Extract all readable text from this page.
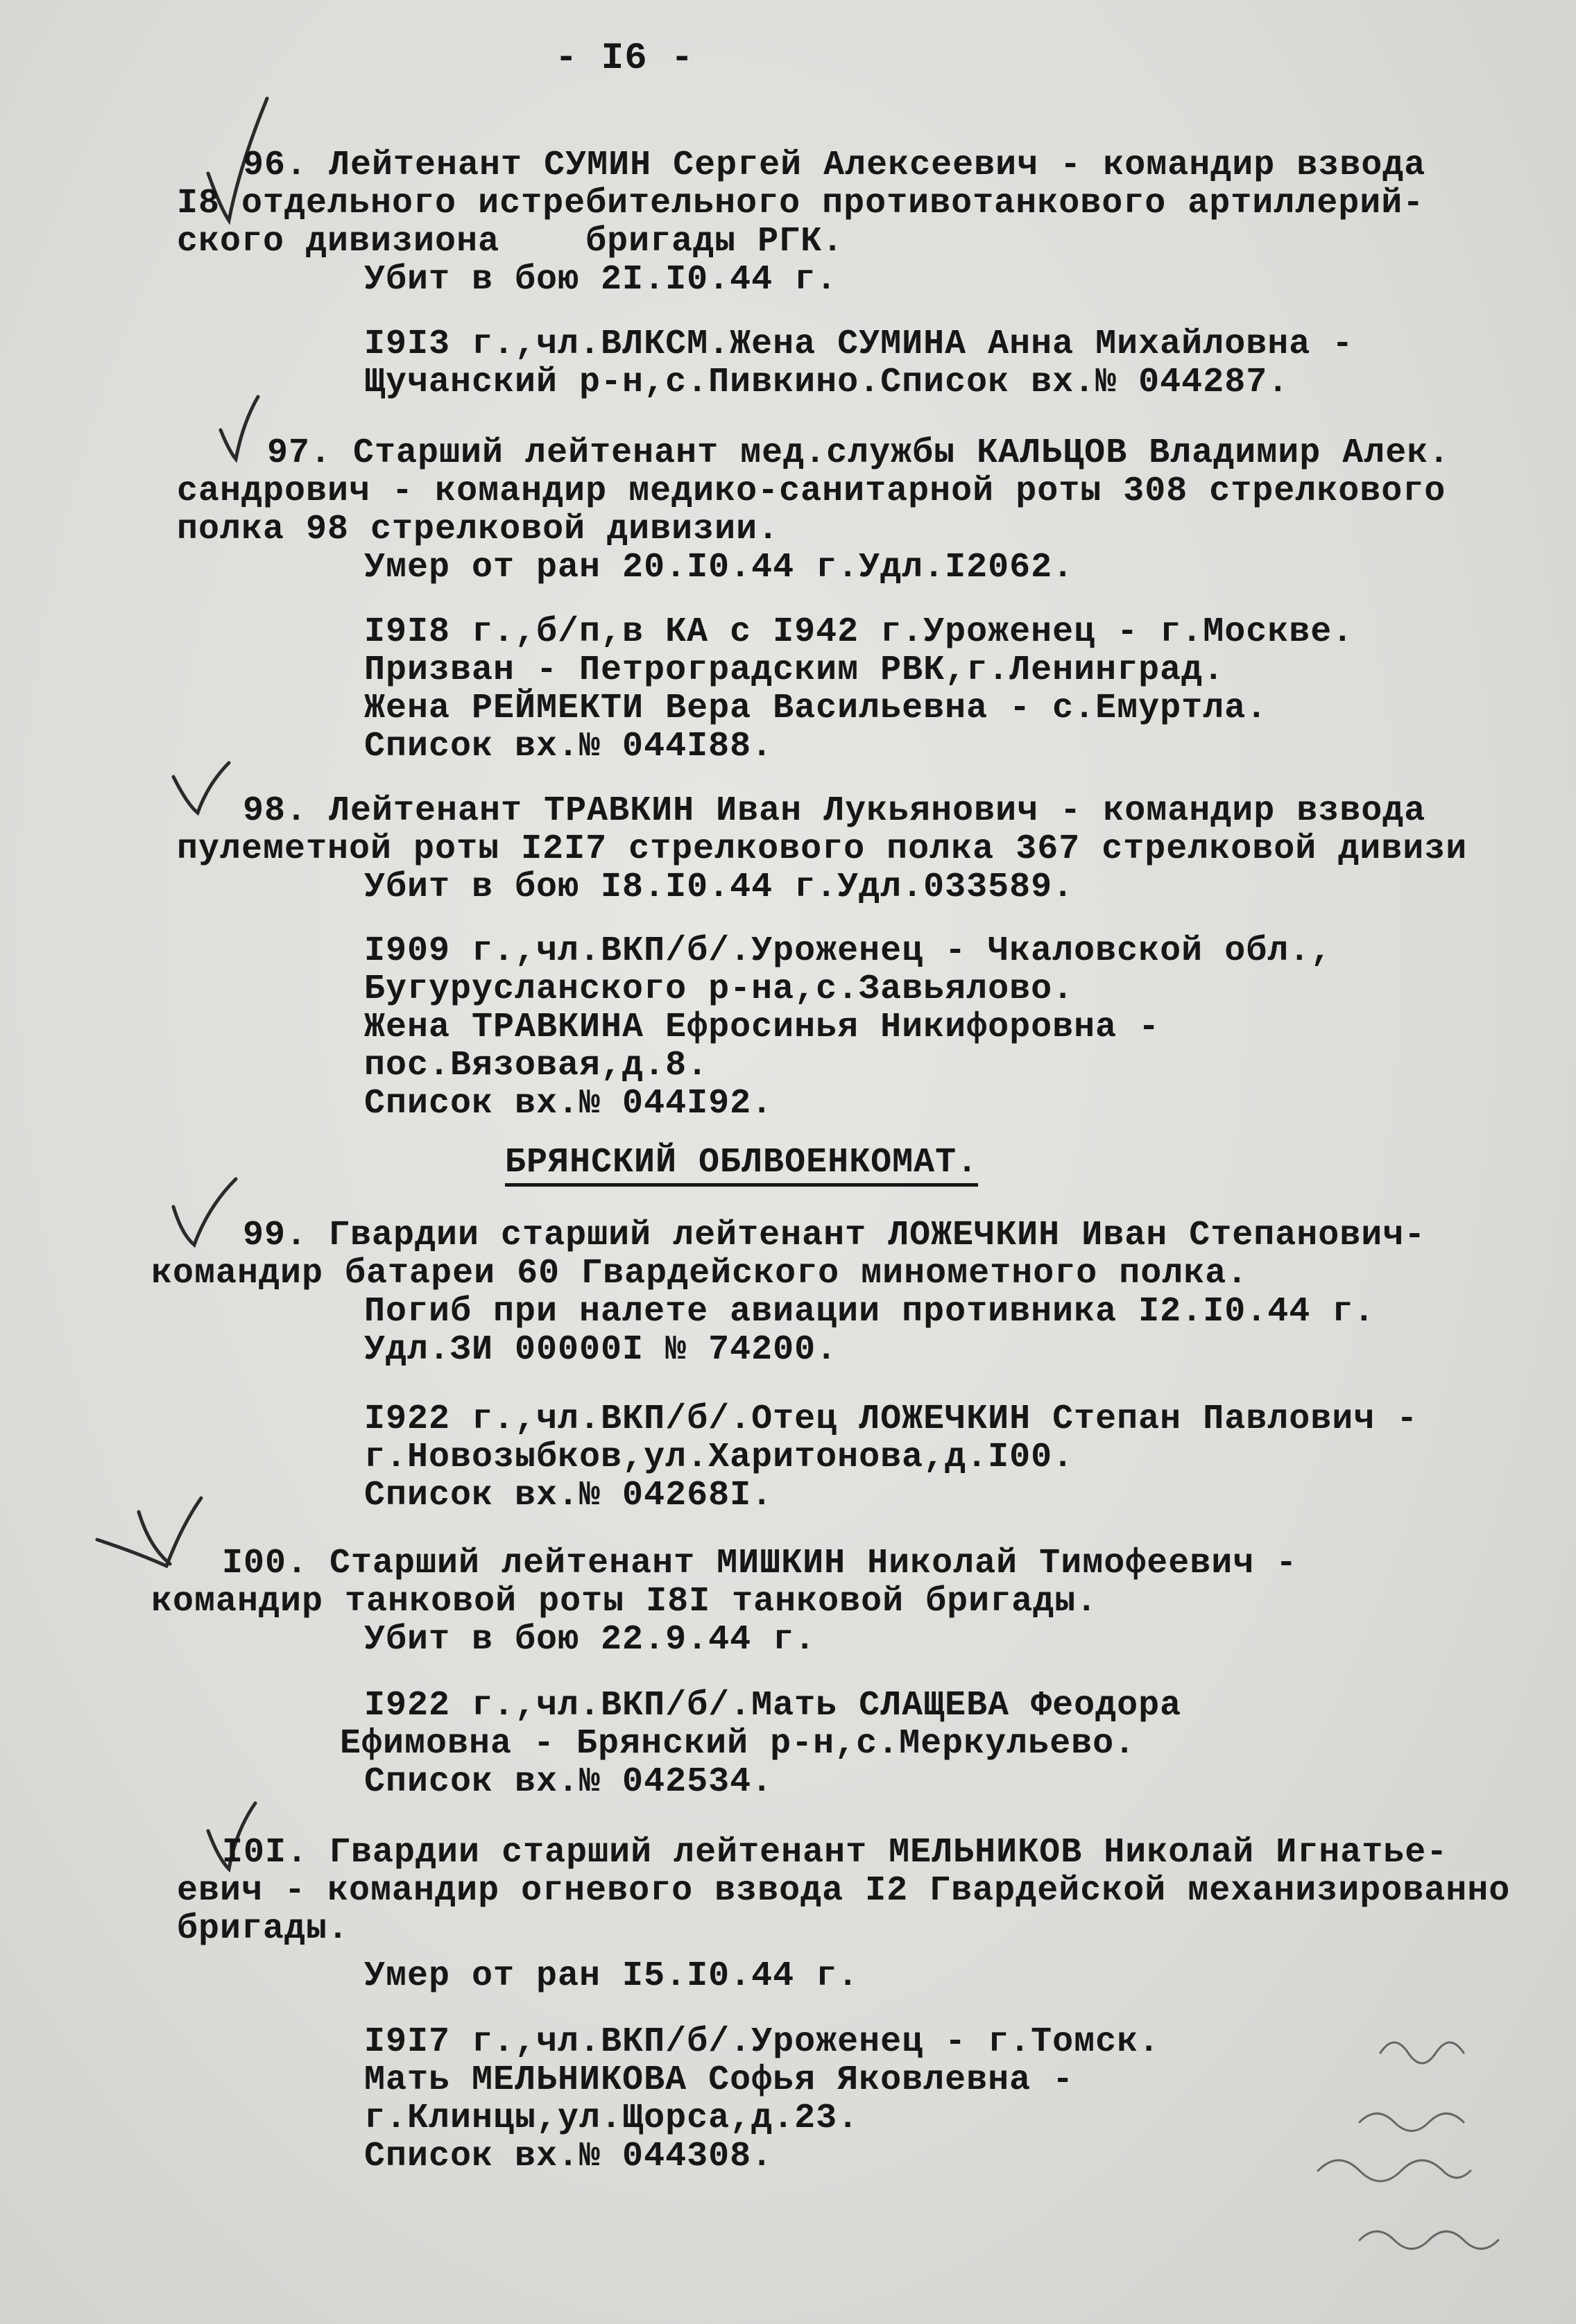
- I6 -
96. Лейтенант СУМИН Сергей Алексеевич - командир взвода
I8 отдельного истребительного противотанкового артиллерий-
ского дивизиона    бригады РГК.
Убит в бою 2I.I0.44 г.
I9I3 г.,чл.ВЛКСМ.Жена СУМИНА Анна Михайловна -
Щучанский р-н,с.Пивкино.Список вх.№ 044287.
97. Старший лейтенант мед.службы КАЛЬЦОВ Владимир Алек.
сандрович - командир медико-санитарной роты 308 стрелкового
полка 98 стрелковой дивизии.
Умер от ран 20.I0.44 г.Удл.I2062.
I9I8 г.,б/п,в КА с I942 г.Уроженец - г.Москве.
Призван - Петроградским РВК,г.Ленинград.
Жена РЕЙМЕКТИ Вера Васильевна - с.Емуртла.
Список вх.№ 044I88.
98. Лейтенант ТРАВКИН Иван Лукьянович - командир взвода
пулеметной роты I2I7 стрелкового полка 367 стрелковой дивизи
Убит в бою I8.I0.44 г.Удл.033589.
I909 г.,чл.ВКП/б/.Уроженец - Чкаловской обл.,
Бугурусланского р-на,с.Завьялово.
Жена ТРАВКИНА Ефросинья Никифоровна -
пос.Вязовая,д.8.
Список вх.№ 044I92.
БРЯНСКИЙ ОБЛВОЕНКОМАТ.
99. Гвардии старший лейтенант ЛОЖЕЧКИН Иван Степанович-
командир батареи 60 Гвардейского минометного полка.
Погиб при налете авиации противника I2.I0.44 г.
Удл.ЗИ 00000I № 74200.
I922 г.,чл.ВКП/б/.Отец ЛОЖЕЧКИН Степан Павлович -
г.Новозыбков,ул.Харитонова,д.I00.
Список вх.№ 04268I.
I00. Старший лейтенант МИШКИН Николай Тимофеевич -
командир танковой роты I8I танковой бригады.
Убит в бою 22.9.44 г.
I922 г.,чл.ВКП/б/.Мать СЛАЩЕВА Феодора
Ефимовна - Брянский р-н,с.Меркульево.
Список вх.№ 042534.
I0I. Гвардии старший лейтенант МЕЛЬНИКОВ Николай Игнатье-
евич - командир огневого взвода I2 Гвардейской механизированно
бригады.
Умер от ран I5.I0.44 г.
I9I7 г.,чл.ВКП/б/.Уроженец - г.Томск.
Мать МЕЛЬНИКОВА Софья Яковлевна -
г.Клинцы,ул.Щорса,д.23.
Список вх.№ 044308.
